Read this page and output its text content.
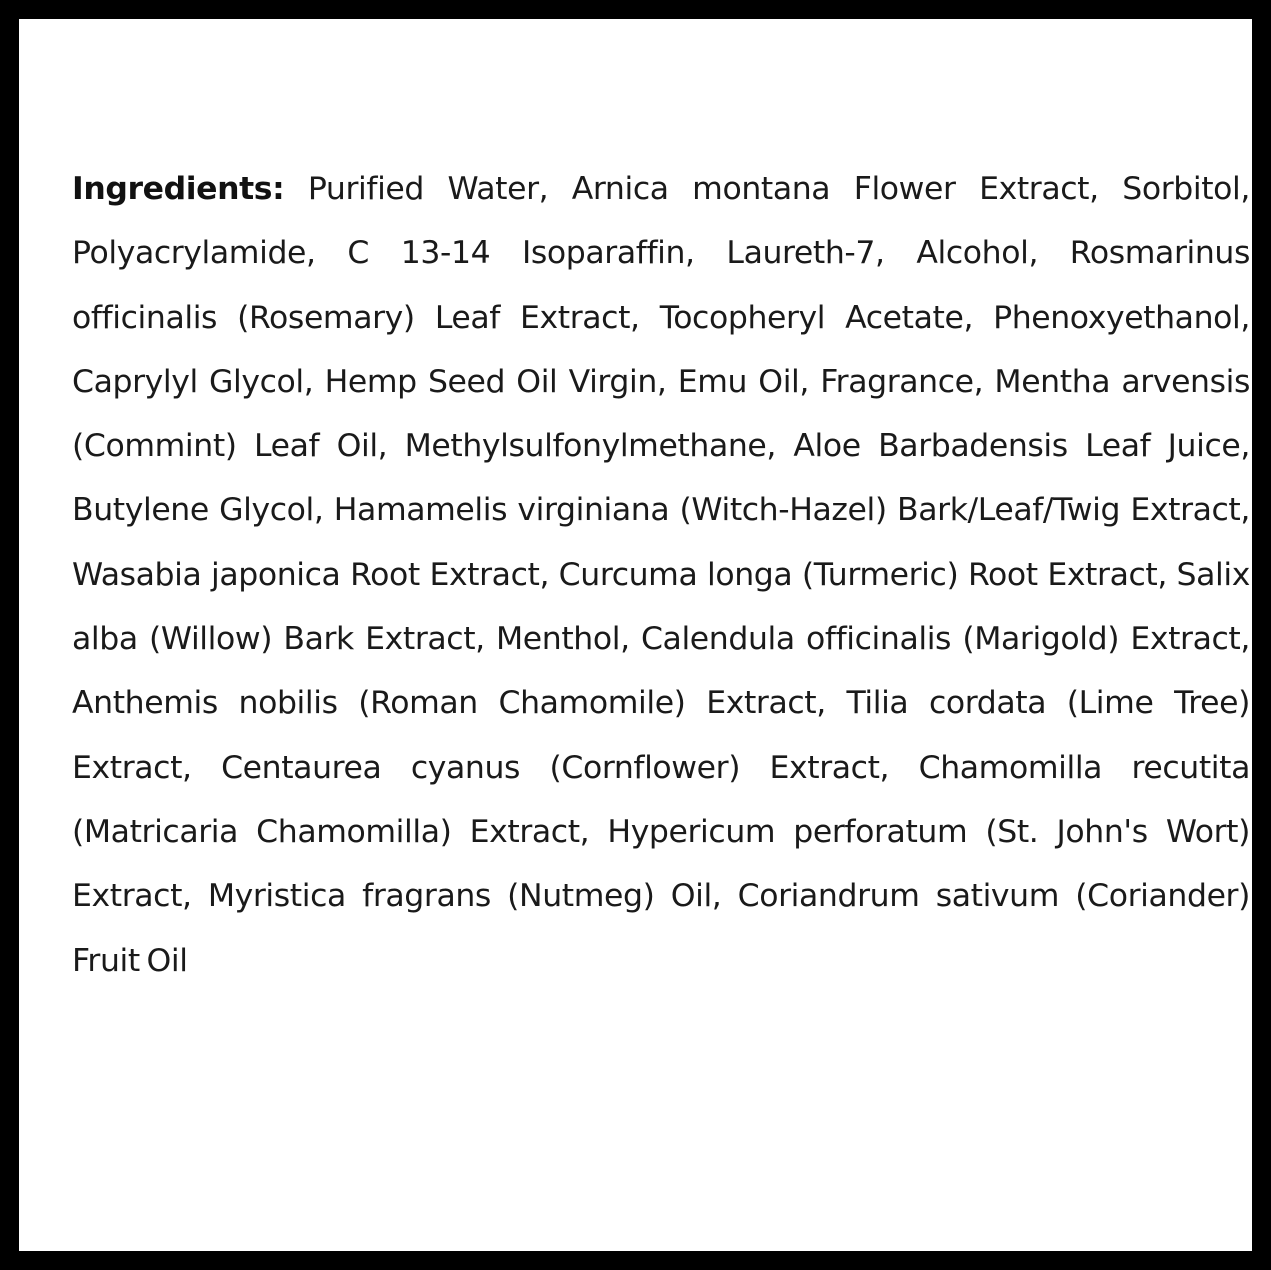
Ingredients: Purified Water, Arnica montana Flower Extract, Sorbitol, Polyacrylamide, C 13-14 Isoparaffin, Laureth-7, Alcohol, Rosmarinus officinalis (Rosemary) Leaf Extract, Tocopheryl Acetate, Phenoxyethanol, Caprylyl Glycol, Hemp Seed Oil Virgin, Emu Oil, Fragrance, Mentha arvensis (Commint) Leaf Oil, Methylsulfonylmethane, Aloe Barbadensis Leaf Juice, Butylene Glycol, Hamamelis virginiana (Witch-Hazel) Bark/Leaf/Twig Extract, Wasabia japonica Root Extract, Curcuma longa (Turmeric) Root Extract, Salix alba (Willow) Bark Extract, Menthol, Calendula officinalis (Marigold) Extract, Anthemis nobilis (Roman Chamomile) Extract, Tilia cordata (Lime Tree) Extract, Centaurea cyanus (Cornflower) Extract, Chamomilla recutita (Matricaria Chamomilla) Extract, Hypericum perforatum (St. John's Wort) Extract, Myristica fragrans (Nutmeg) Oil, Coriandrum sativum (Coriander) Fruit Oil
